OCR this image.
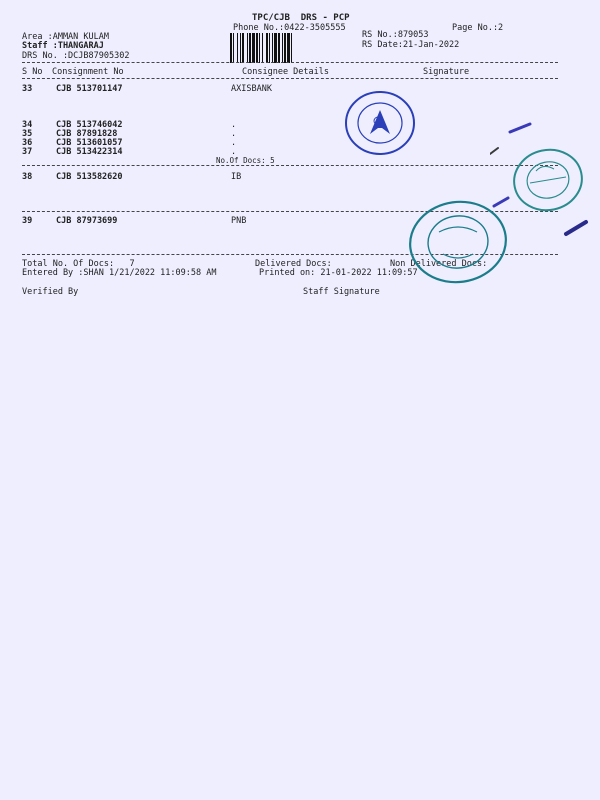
TPC/CJB  DRS - PCP
Phone No.:0422-3505555	Page No.:2
Area :AMMAN KULAM
Staff :THANGARAJ
DRS No. :DCJB87905302
RS No.:879053
RS Date:21-Jan-2022
S No Consignment No	Consignee Details	Signature
33	CJB 513701147	AXISBANK
34	CJB 513746042	.
35	CJB 87891828	.
36	CJB 513601057	.
37	CJB 513422314	.
No.Of Docs: 5
38	CJB 513582620	IB
39	CJB 87973699	PNB
Total No. Of Docs:   7	Delivered Docs:	Non Delivered Docs:
Entered By :SHAN 1/21/2022 11:09:58 AM	Printed on: 21-01-2022 11:09:57
Verified By	Staff Signature
